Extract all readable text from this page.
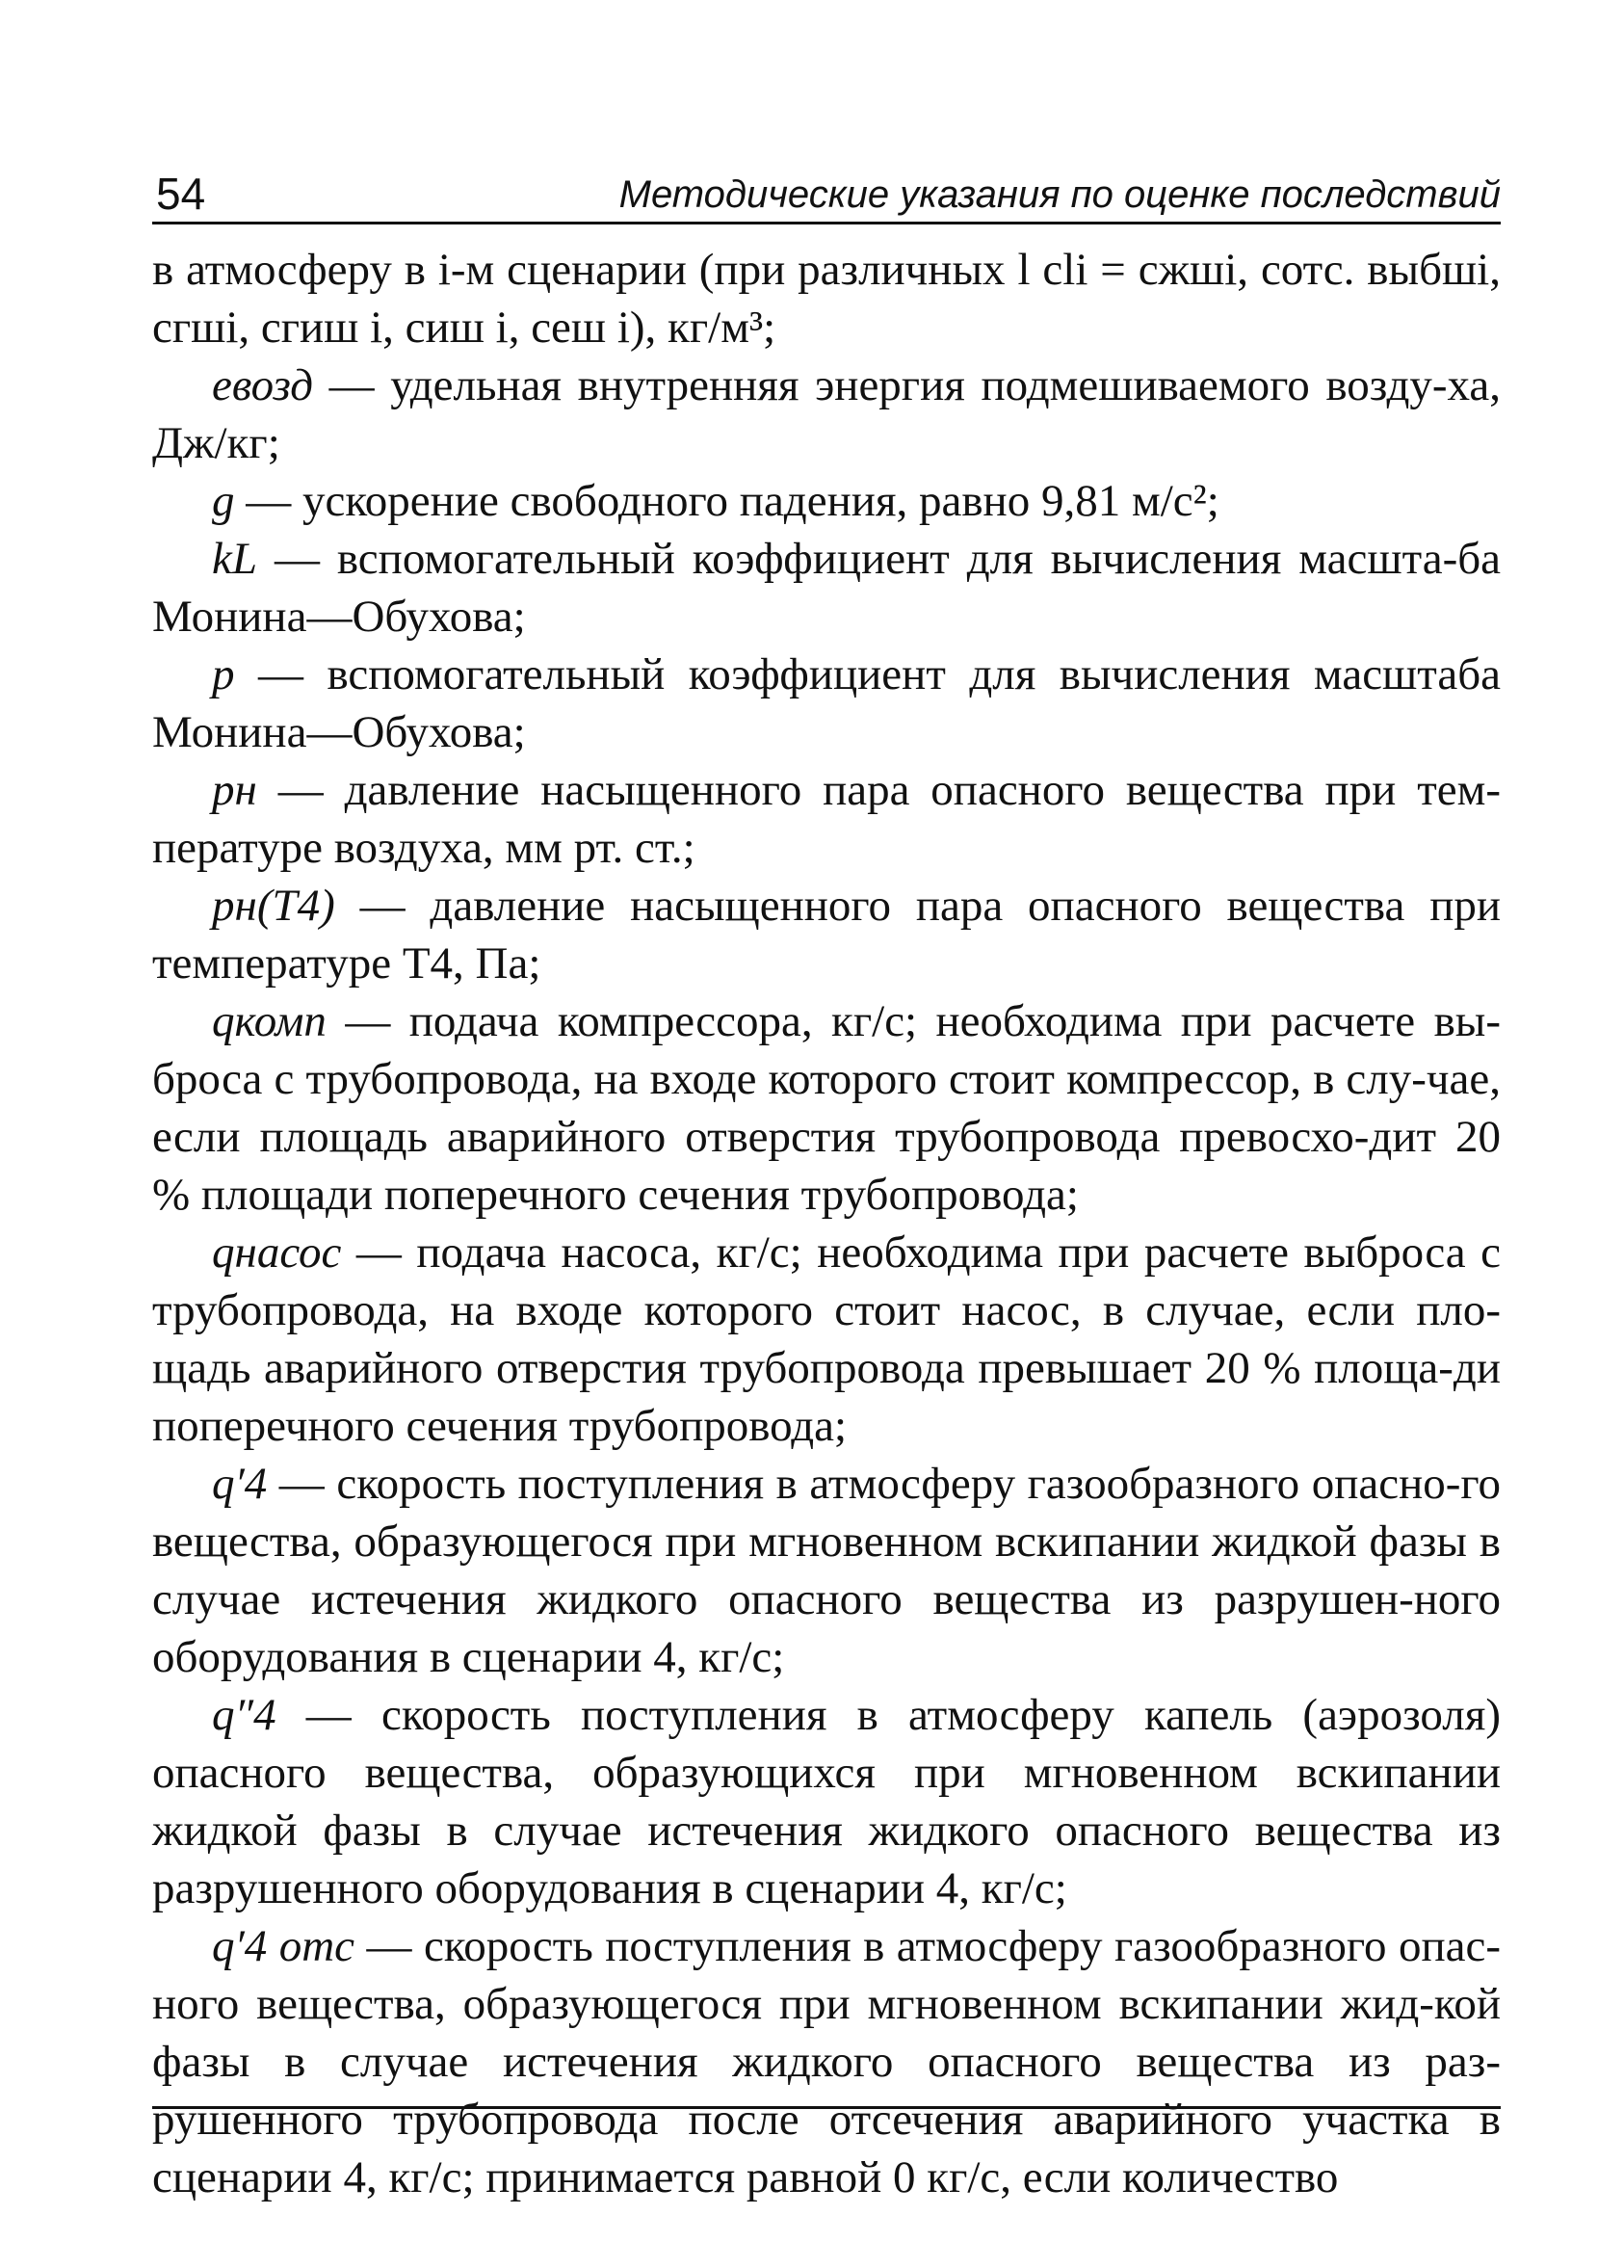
54	Методические указания по оценке последствий

в атмосферу в i-м сценарии (при различных l cli = cжшi, cотс. выбшi, cгшi, cгиш i, cиш i, cеш i), кг/м³;

eвозд — удельная внутренняя энергия подмешиваемого возду-ха, Дж/кг;

g — ускорение свободного падения, равно 9,81 м/с²;

kL — вспомогательный коэффициент для вычисления масшта-ба Монина—Обухова;

p — вспомогательный коэффициент для вычисления масштаба Монина—Обухова;

pн — давление насыщенного пара опасного вещества при тем-пературе воздуха, мм рт. ст.;

pн(T4) — давление насыщенного пара опасного вещества при температуре T4, Па;

qкомп — подача компрессора, кг/с; необходима при расчете вы-броса с трубопровода, на входе которого стоит компрессор, в слу-чае, если площадь аварийного отверстия трубопровода превосхо-дит 20 % площади поперечного сечения трубопровода;

qнасос — подача насоса, кг/с; необходима при расчете выброса с трубопровода, на входе которого стоит насос, в случае, если пло-щадь аварийного отверстия трубопровода превышает 20 % площа-ди поперечного сечения трубопровода;

q′4 — скорость поступления в атмосферу газообразного опасно-го вещества, образующегося при мгновенном вскипании жидкой фазы в случае истечения жидкого опасного вещества из разрушен-ного оборудования в сценарии 4, кг/с;

q″4 — скорость поступления в атмосферу капель (аэрозоля) опасного вещества, образующихся при мгновенном вскипании жидкой фазы в случае истечения жидкого опасного вещества из разрушенного оборудования в сценарии 4, кг/с;

q′4 отс — скорость поступления в атмосферу газообразного опас-ного вещества, образующегося при мгновенном вскипании жид-кой фазы в случае истечения жидкого опасного вещества из раз-рушенного трубопровода после отсечения аварийного участка в сценарии 4, кг/с; принимается равной 0 кг/с, если количество
